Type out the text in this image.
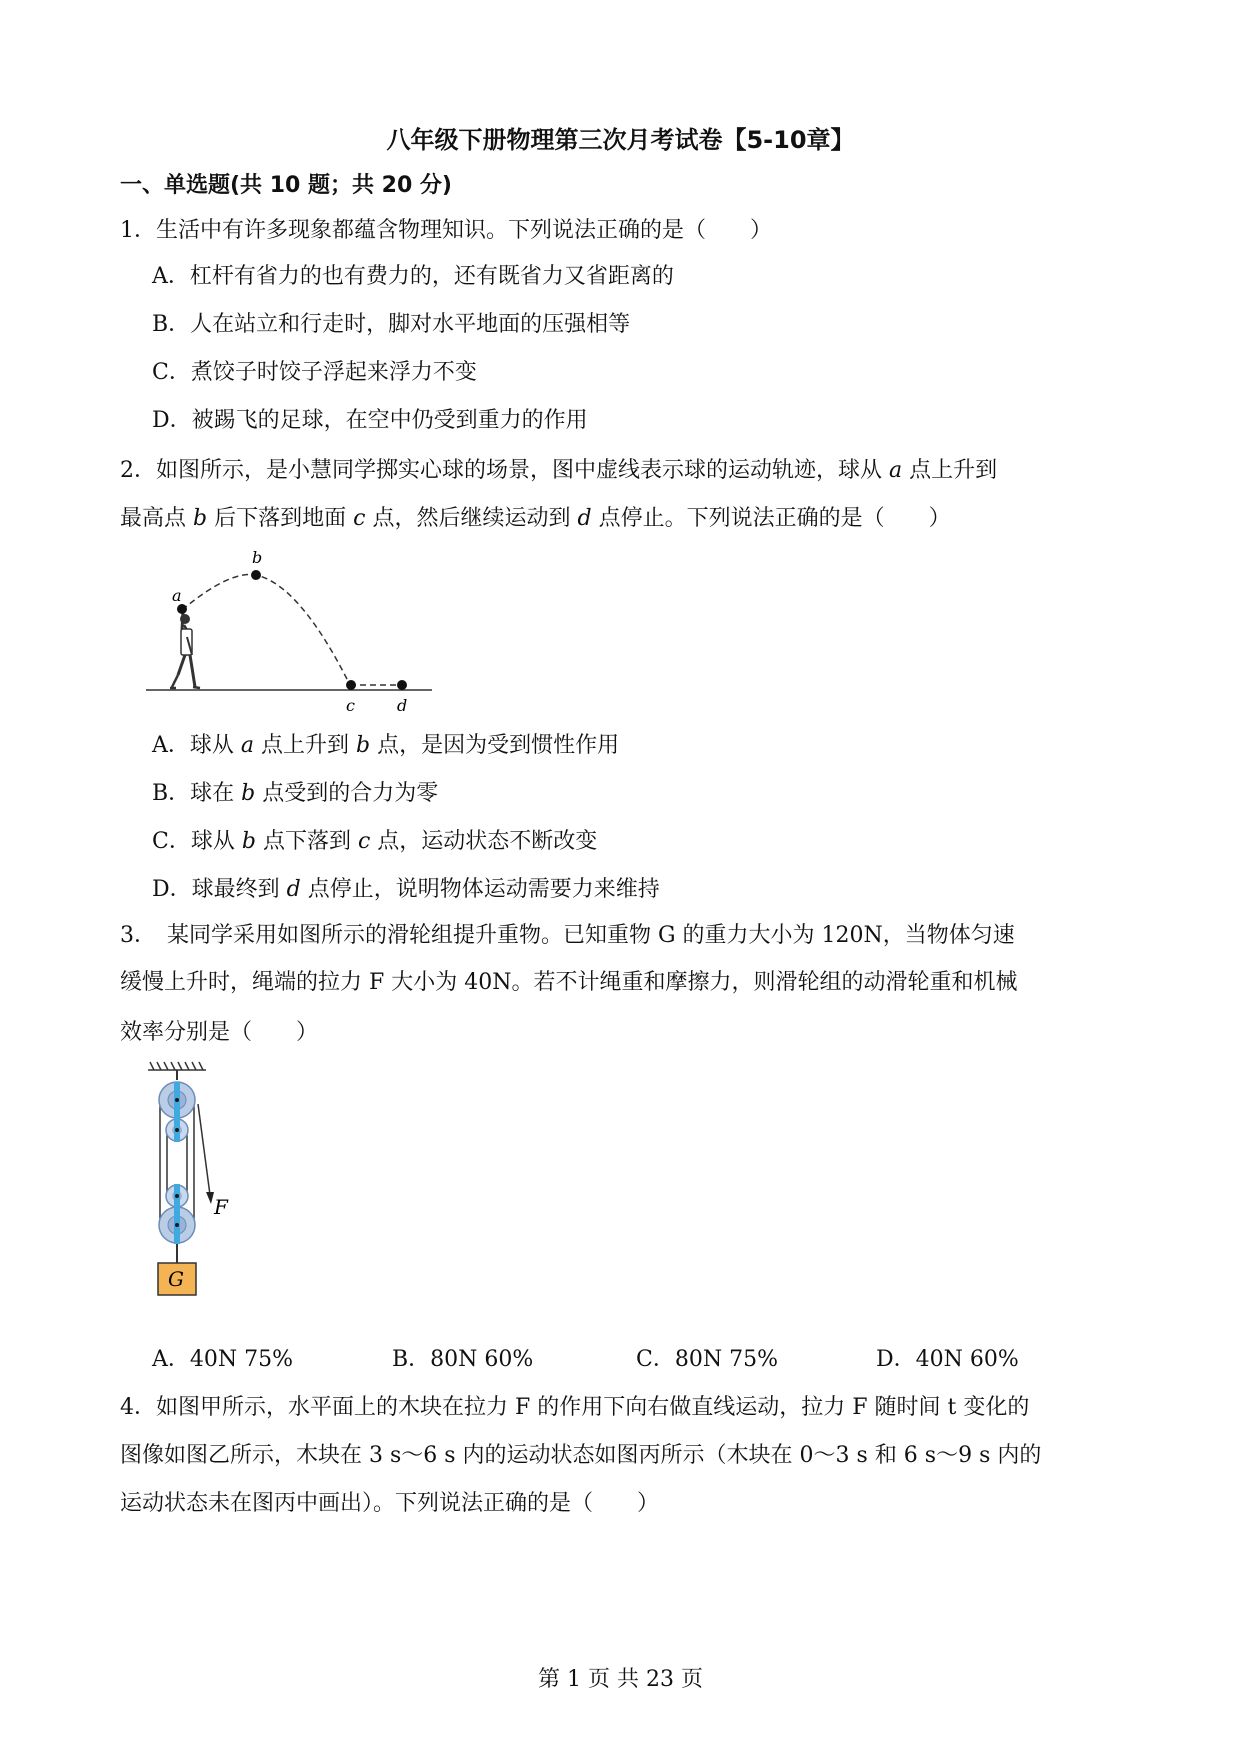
八年级下册物理第三次月考试卷【5-10章】
一、单选题(共 10 题；共 20 分)
1．生活中有许多现象都蕴含物理知识。下列说法正确的是（　　）
A．杠杆有省力的也有费力的，还有既省力又省距离的
B．人在站立和行走时，脚对水平地面的压强相等
C．煮饺子时饺子浮起来浮力不变
D．被踢飞的足球，在空中仍受到重力的作用
2．如图所示，是小慧同学掷实心球的场景，图中虚线表示球的运动轨迹，球从 a 点上升到
最高点 b 后下落到地面 c 点，然后继续运动到 d 点停止。下列说法正确的是（　　）
a
b
c	d
A．球从 a 点上升到 b 点，是因为受到惯性作用
B．球在 b 点受到的合力为零
C．球从 b 点下落到 c 点，运动状态不断改变
D．球最终到 d 点停止，说明物体运动需要力来维持
3．　某同学采用如图所示的滑轮组提升重物。已知重物 G 的重力大小为 120N，当物体匀速
缓慢上升时，绳端的拉力 F 大小为 40N。若不计绳重和摩擦力，则滑轮组的动滑轮重和机械
效率分别是（　　）
F
G
A．40N 75%	B．80N 60%	C．80N 75%	D．40N 60%
4．如图甲所示，水平面上的木块在拉力 F 的作用下向右做直线运动，拉力 F 随时间 t 变化的
图像如图乙所示，木块在 3 s～6 s 内的运动状态如图丙所示（木块在 0～3 s 和 6 s～9 s 内的
运动状态未在图丙中画出）。下列说法正确的是（　　）
第 1 页 共 23 页
